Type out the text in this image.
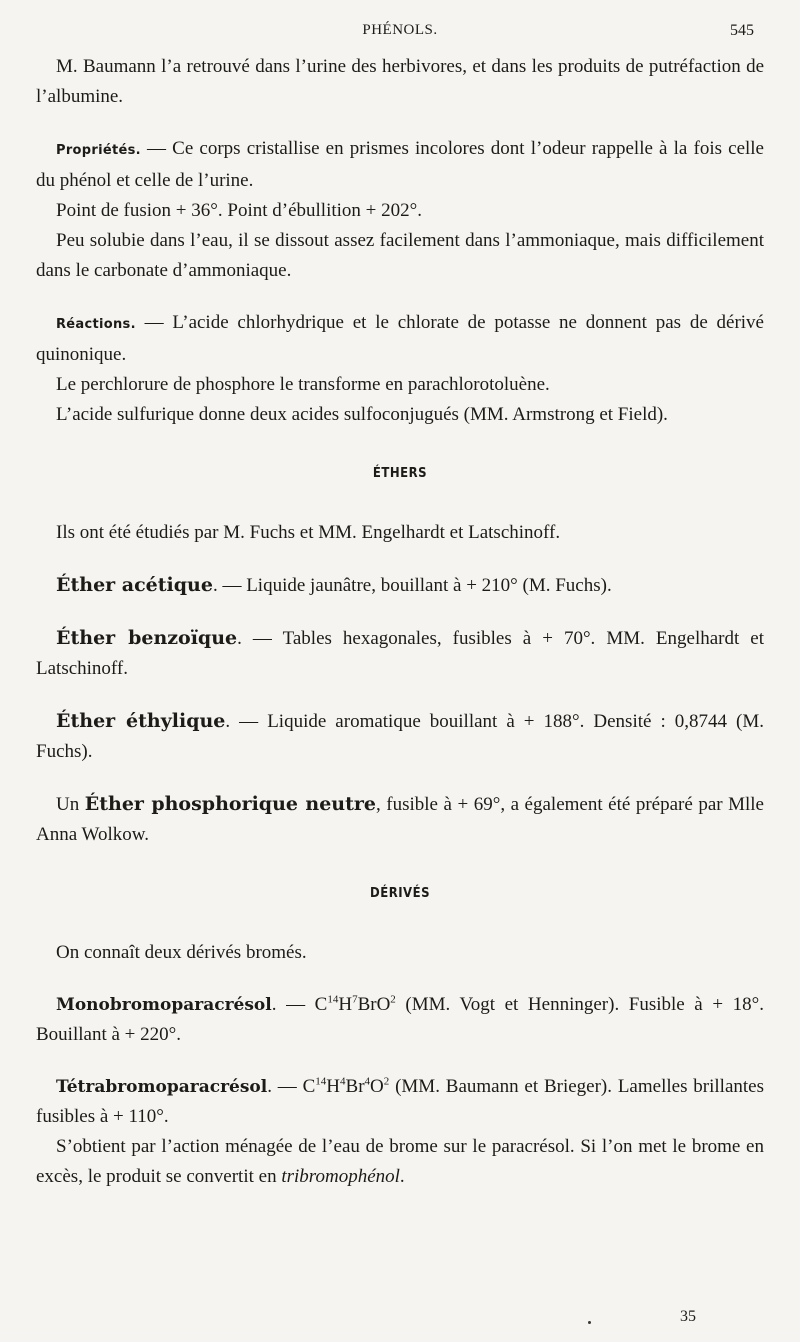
PHÉNOLS.	545

M. Baumann l’a retrouvé dans l’urine des herbivores, et dans les produits de putréfaction de l’albumine.

Propriétés. — Ce corps cristallise en prismes incolores dont l’odeur rappelle à la fois celle du phénol et celle de l’urine.

Point de fusion + 36°. Point d’ébullition + 202°.

Peu solubie dans l’eau, il se dissout assez facilement dans l’ammoniaque, mais difficilement dans le carbonate d’ammoniaque.

Réactions. — L’acide chlorhydrique et le chlorate de potasse ne donnent pas de dérivé quinonique.

Le perchlorure de phosphore le transforme en parachlorotoluène.

L’acide sulfurique donne deux acides sulfoconjugués (MM. Armstrong et Field).

ÉTHERS

Ils ont été étudiés par M. Fuchs et MM. Engelhardt et Latschinoff.

Éther acétique. — Liquide jaunâtre, bouillant à + 210° (M. Fuchs).

Éther benzoïque. — Tables hexagonales, fusibles à + 70°. MM. Engelhardt et Latschinoff.

Éther éthylique. — Liquide aromatique bouillant à + 188°. Densité : 0,8744 (M. Fuchs).

Un Éther phosphorique neutre, fusible à + 69°, a également été préparé par Mlle Anna Wolkow.

DÉRIVÉS

On connaît deux dérivés bromés.

Monobromoparacrésol. — $C^{14}H^7BrO^2$ (MM. Vogt et Henninger). Fusible à + 18°. Bouillant à + 220°.

Tétrabromoparacrésol. — $C^{14}H^4Br^4O^2$ (MM. Baumann et Brieger). Lamelles brillantes fusibles à + 110°.

S’obtient par l’action ménagée de l’eau de brome sur le paracrésol. Si l’on met le brome en excès, le produit se convertit en tribromophénol.

35
